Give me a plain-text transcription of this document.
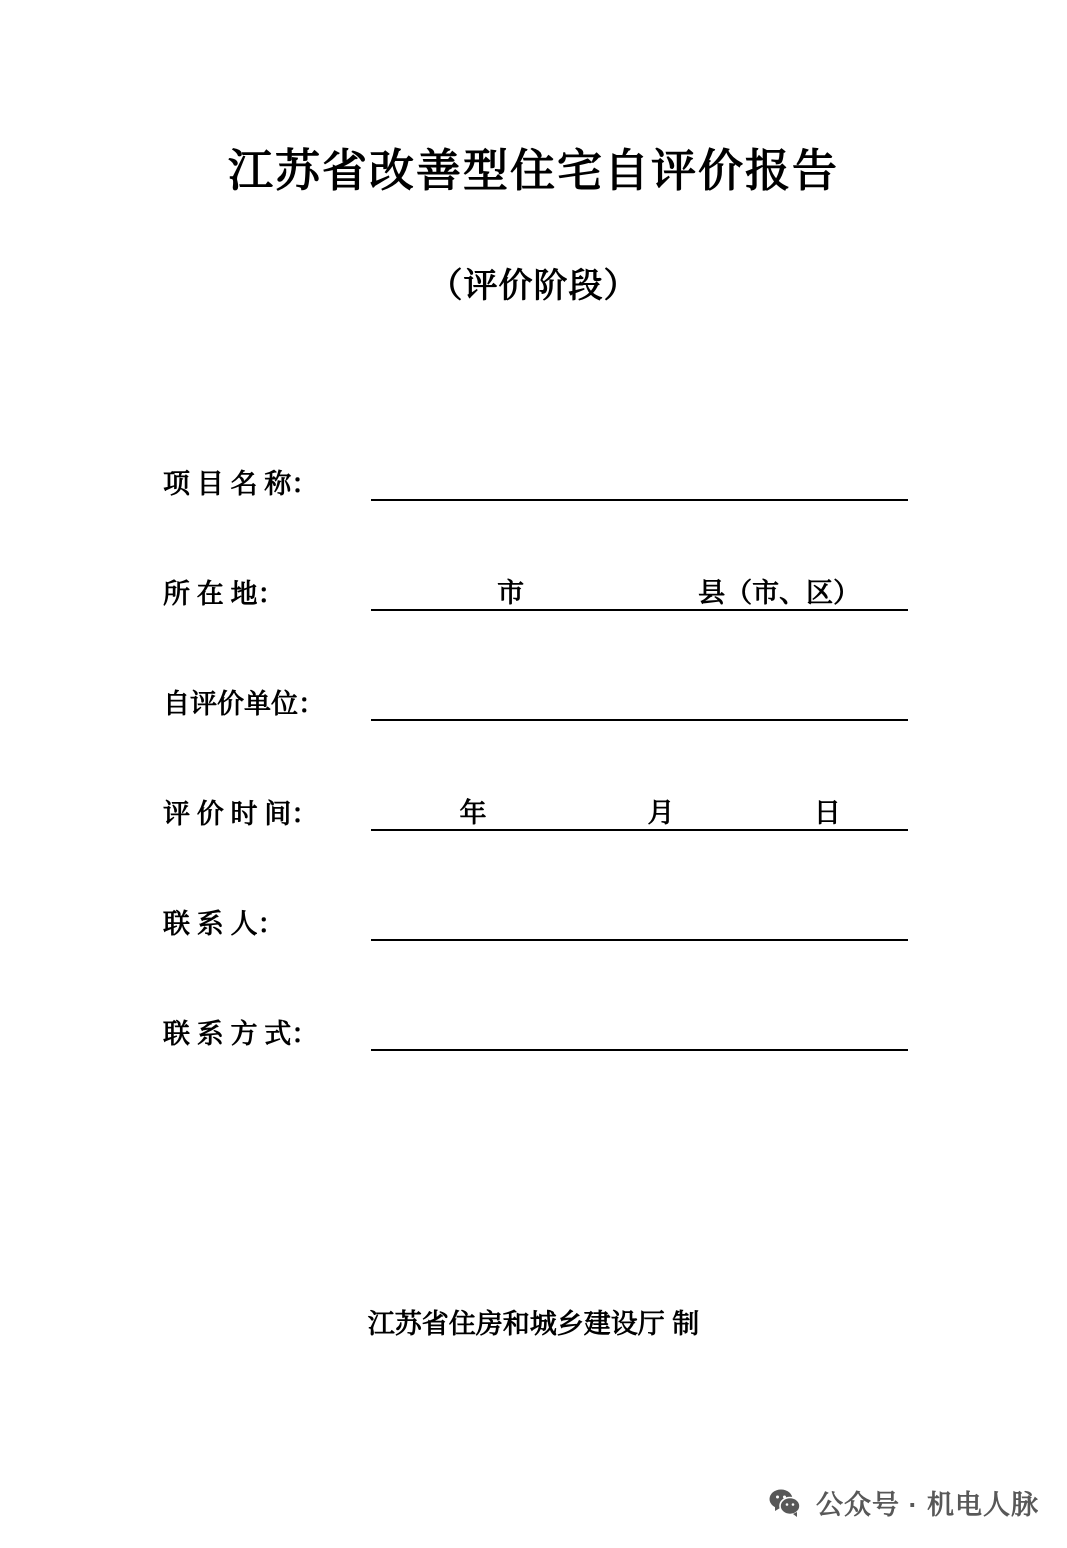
江苏省改善型住宅自评价报告
（评价阶段）
项 目 名 称：
所 在 地：	市	县（市、区）
自评价单位：
评 价 时 间：	年	月	日
联 系 人：
联 系 方 式：
江苏省住房和城乡建设厅 制
公众号 · 机电人脉
